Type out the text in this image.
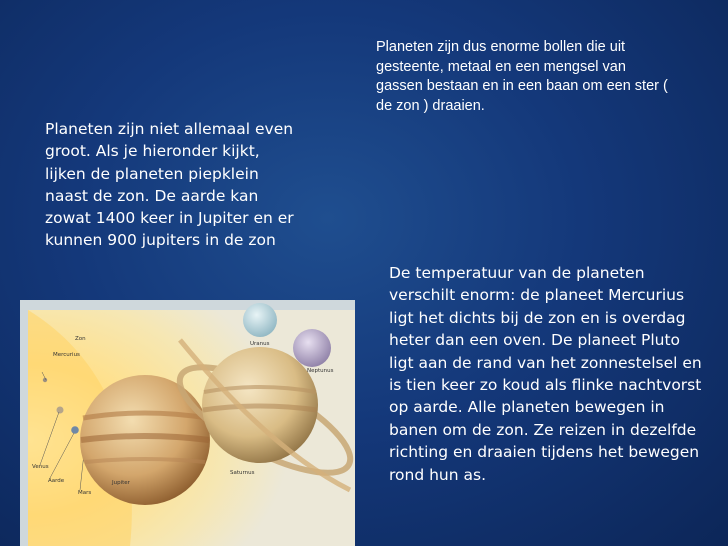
Planeten zijn dus enorme bollen die uit gesteente, metaal en een mengsel van gassen bestaan en in een baan om een ster ( de zon ) draaien.

Planeten zijn niet allemaal even groot. Als je hieronder kijkt, lijken de planeten piepklein naast de zon. De aarde kan zowat 1400 keer in Jupiter en er kunnen 900 jupiters in de zon

De temperatuur van de planeten verschilt enorm: de planeet Mercurius ligt het dichts bij de zon en is overdag heter dan een oven. De planeet Pluto ligt aan de rand van het zonnestelsel en is tien keer zo koud als flinke nachtvorst op aarde. Alle planeten bewegen in banen om de zon. Ze reizen in dezelfde richting en draaien tijdens het bewegen rond hun as.

Zon
Mercurius
Venus
Aarde
Mars
Jupiter
Saturnus
Uranus
Neptunus
